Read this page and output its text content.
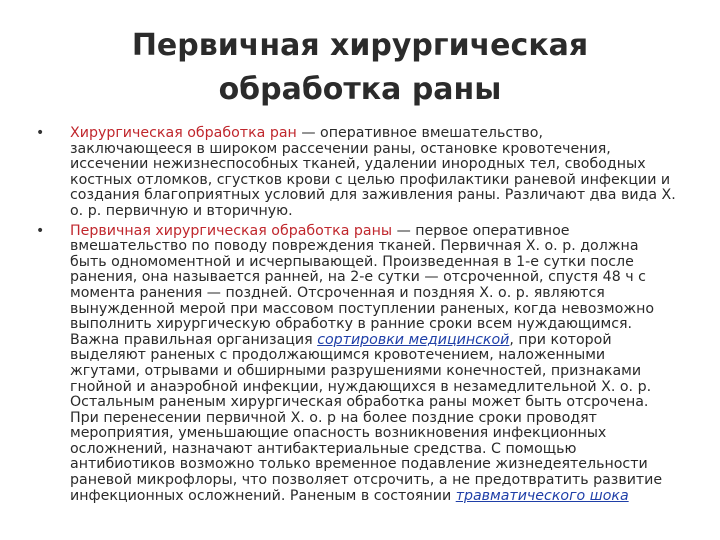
Первичная хирургическая
обработка раны
• Хирургическая обработка ран — оперативное вмешательство,
заключающееся в широком рассечении раны, остановке кровотечения,
иссечении нежизнеспособных тканей, удалении инородных тел, свободных
костных отломков, сгустков крови с целью профилактики раневой инфекции и
создания благоприятных условий для заживления раны. Различают два вида Х.
о. р. первичную и вторичную.
• Первичная хирургическая обработка раны — первое оперативное
вмешательство по поводу повреждения тканей. Первичная Х. о. р. должна
быть одномоментной и исчерпывающей. Произведенная в 1-е сутки после
ранения, она называется ранней, на 2-е сутки — отсроченной, спустя 48 ч с
момента ранения — поздней. Отсроченная и поздняя Х. о. р. являются
вынужденной мерой при массовом поступлении раненых, когда невозможно
выполнить хирургическую обработку в ранние сроки всем нуждающимся.
Важна правильная организация сортировки медицинской, при которой
выделяют раненых с продолжающимся кровотечением, наложенными
жгутами, отрывами и обширными разрушениями конечностей, признаками
гнойной и анаэробной инфекции, нуждающихся в незамедлительной Х. о. р.
Остальным раненым хирургическая обработка раны может быть отсрочена.
При перенесении первичной Х. о. р на более поздние сроки проводят
мероприятия, уменьшающие опасность возникновения инфекционных
осложнений, назначают антибактериальные средства. С помощью
антибиотиков возможно только временное подавление жизнедеятельности
раневой микрофлоры, что позволяет отсрочить, а не предотвратить развитие
инфекционных осложнений. Раненым в состоянии травматического шока
